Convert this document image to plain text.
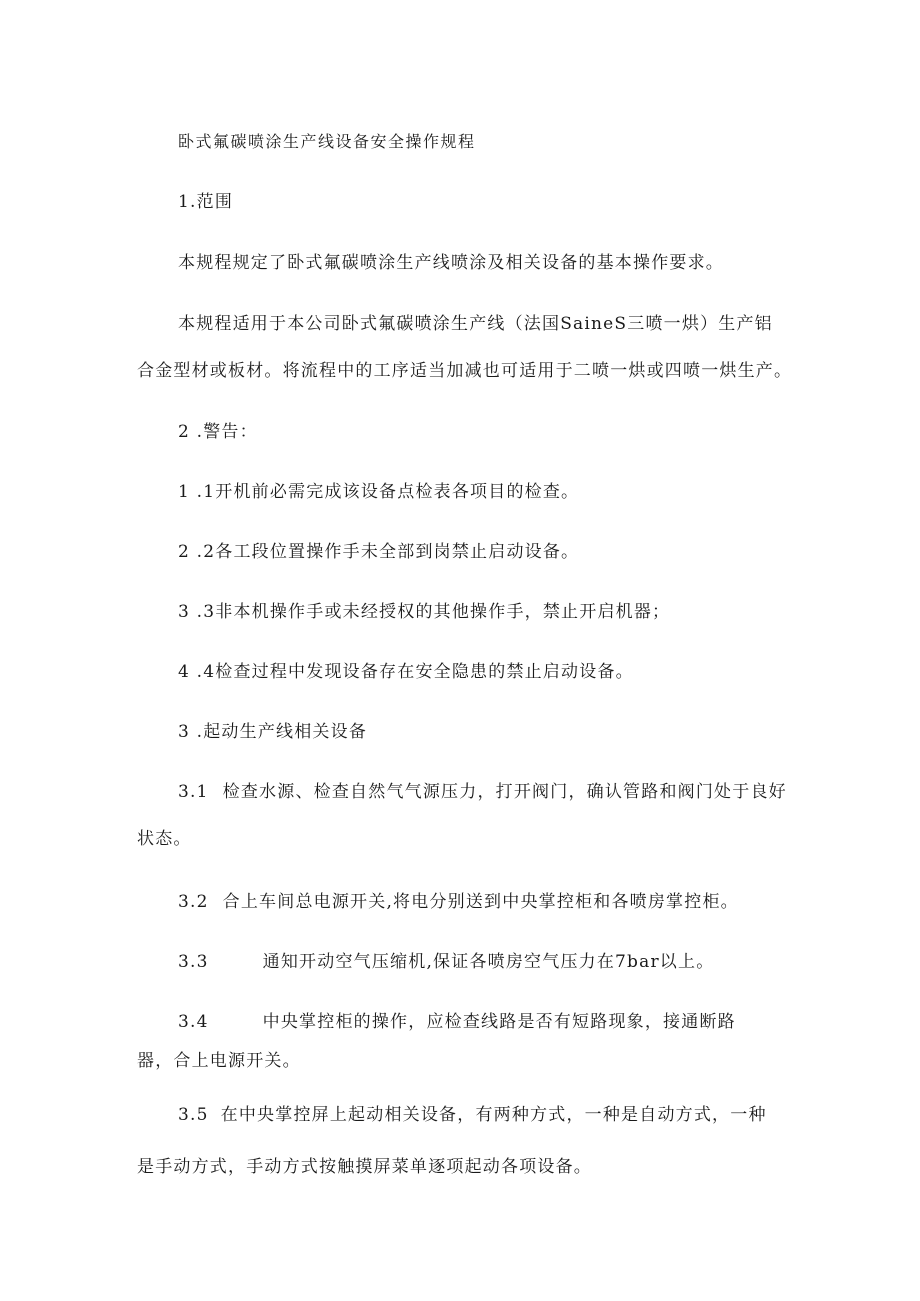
卧式氟碳喷涂生产线设备安全操作规程

1.范围

本规程规定了卧式氟碳喷涂生产线喷涂及相关设备的基本操作要求。

本规程适用于本公司卧式氟碳喷涂生产线（法国SaineS三喷一烘）生产铝

合金型材或板材。将流程中的工序适当加减也可适用于二喷一烘或四喷一烘生产。

2 .警告：

1 .1开机前必需完成该设备点检表各项目的检查。

2 .2各工段位置操作手未全部到岗禁止启动设备。

3 .3非本机操作手或未经授权的其他操作手，禁止开启机器；

4 .4检查过程中发现设备存在安全隐患的禁止启动设备。

3 .起动生产线相关设备

3.1 检查水源、检查自然气气源压力，打开阀门，确认管路和阀门处于良好

状态。

3.2 合上车间总电源开关,将电分别送到中央掌控柜和各喷房掌控柜。

3.3	通知开动空气压缩机,保证各喷房空气压力在7bar以上。

3.4	中央掌控柜的操作，应检查线路是否有短路现象，接通断路

器，合上电源开关。

3.5 在中央掌控屏上起动相关设备，有两种方式，一种是自动方式，一种

是手动方式，手动方式按触摸屏菜单逐项起动各项设备。
